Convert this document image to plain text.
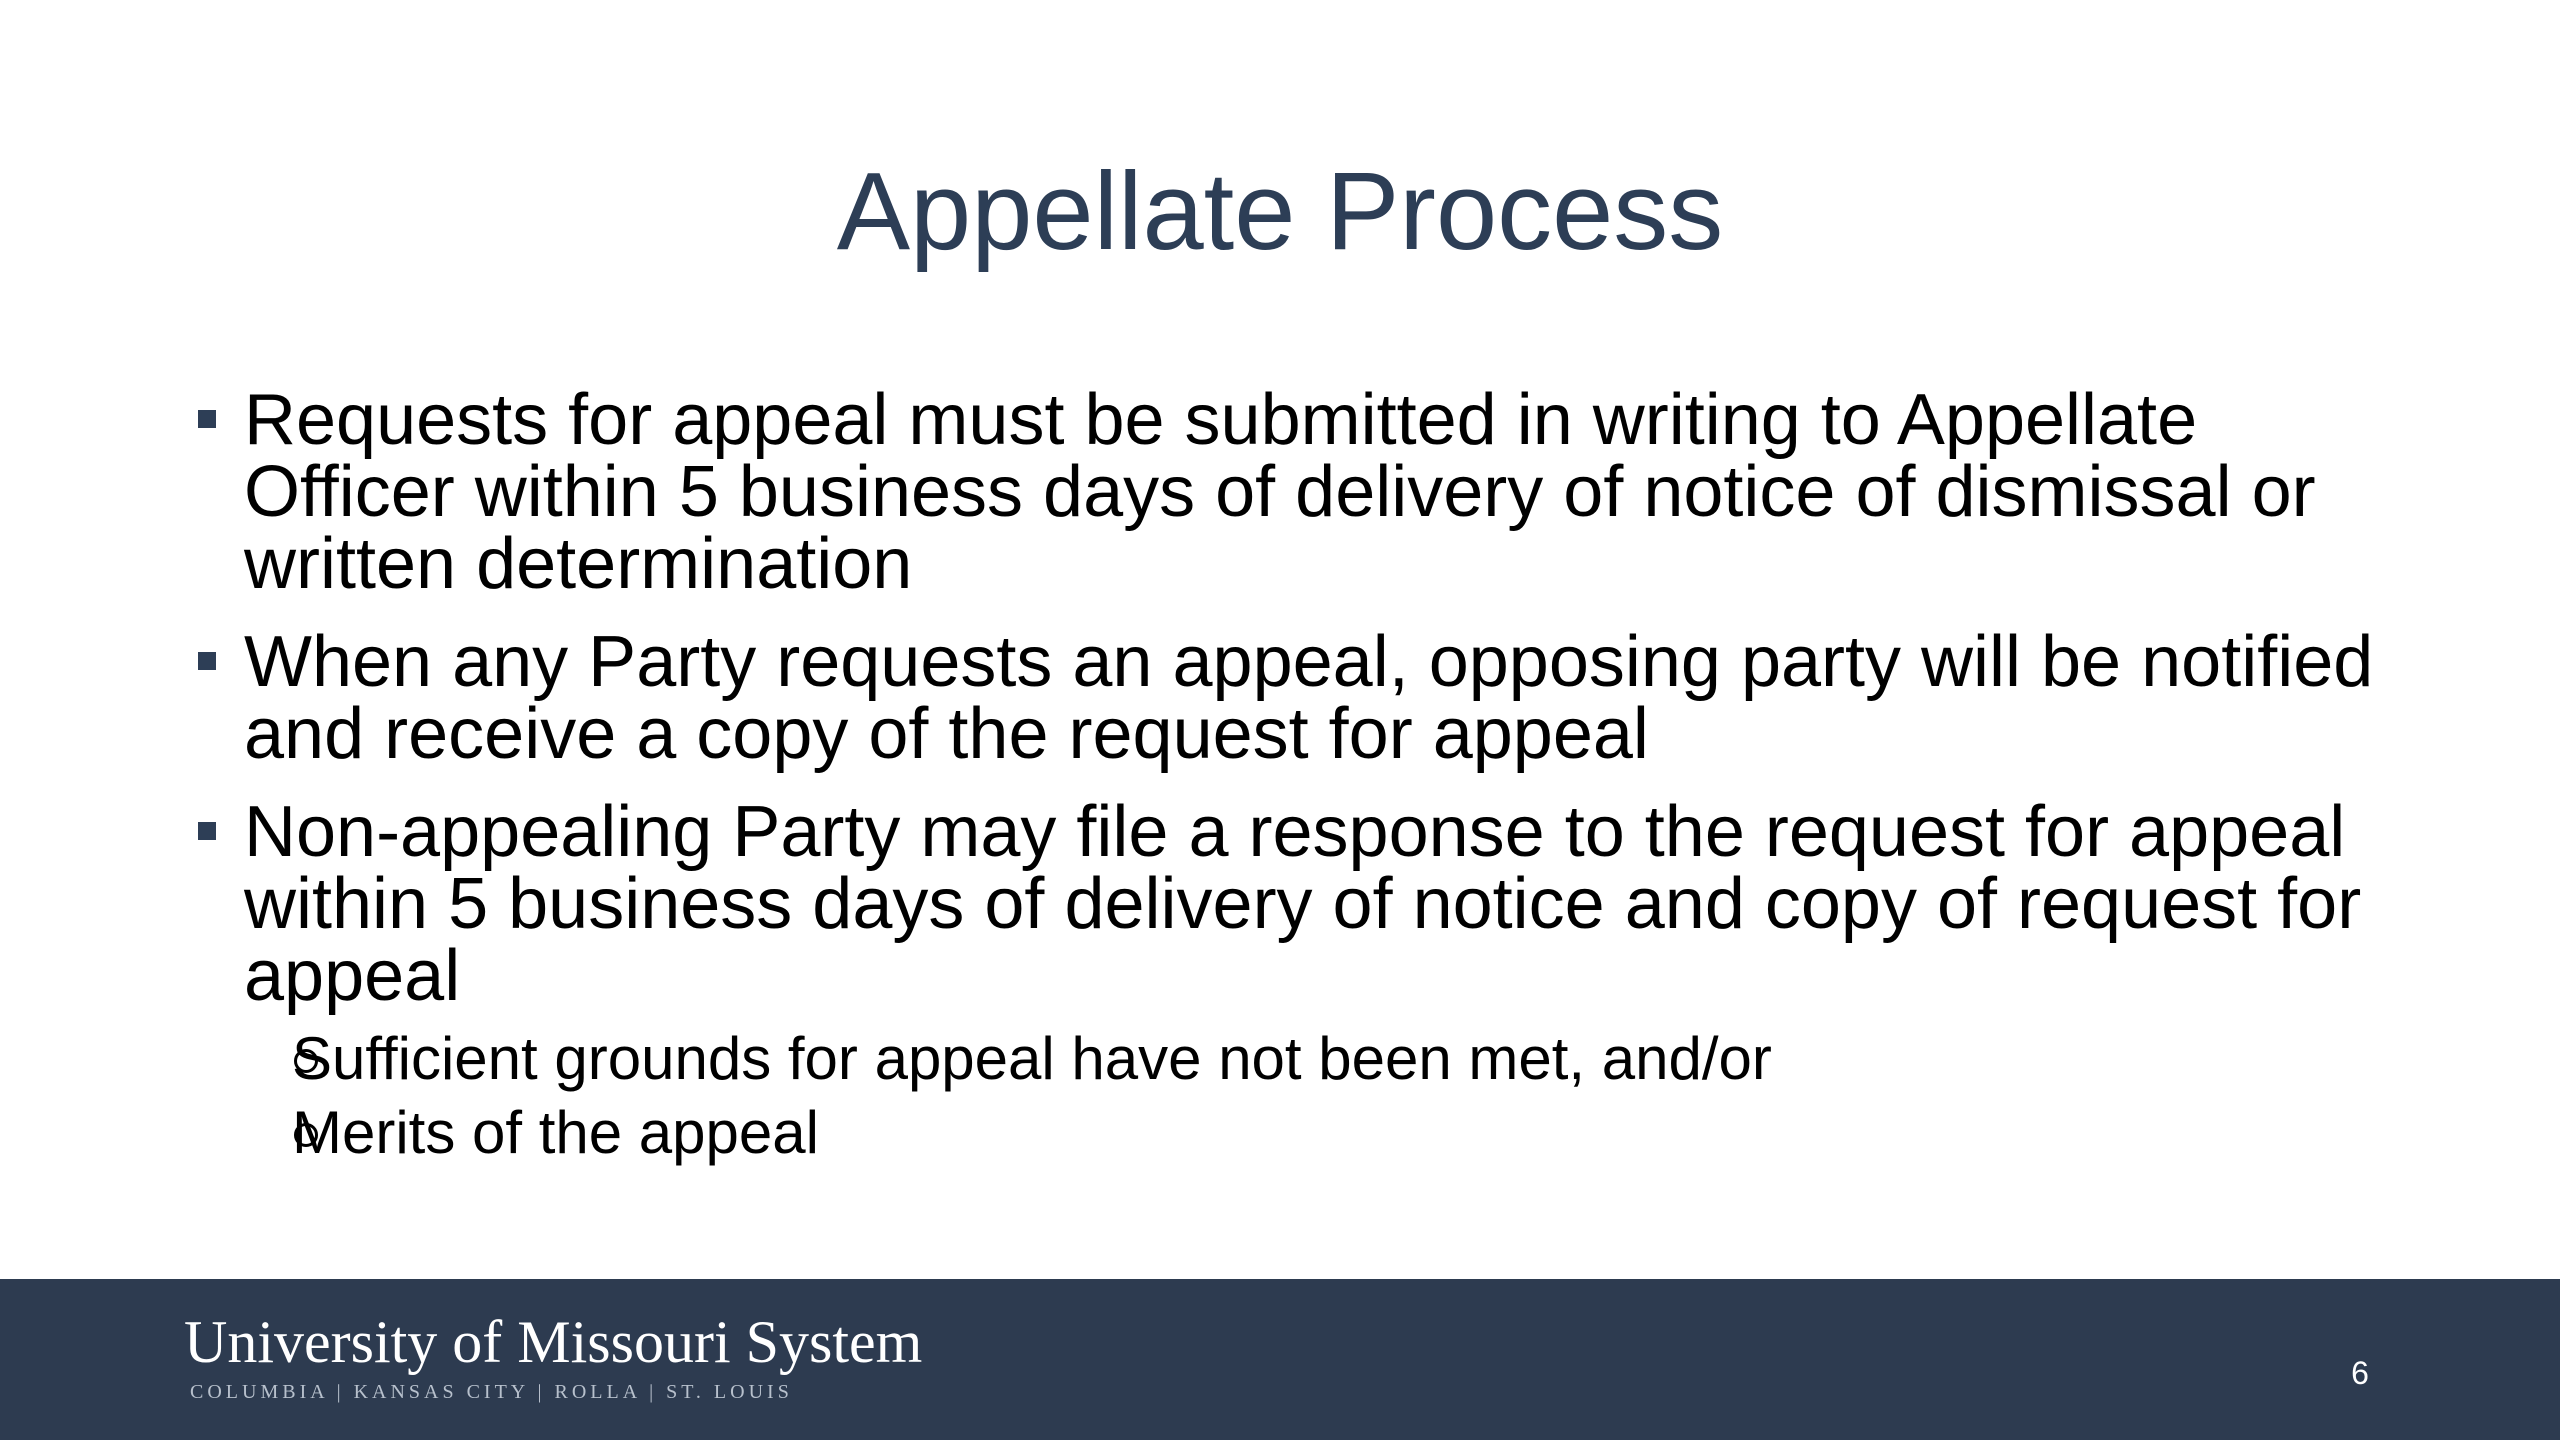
Appellate Process
Requests for appeal must be submitted in writing to Appellate Officer within 5 business days of delivery of notice of dismissal or written determination
When any Party requests an appeal, opposing party will be notified and receive a copy of the request for appeal
Non-appealing Party may file a response to the request for appeal within 5 business days of delivery of notice and copy of request for appeal
Sufficient grounds for appeal have not been met, and/or
Merits of the appeal
University of Missouri System
COLUMBIA | KANSAS CITY | ROLLA | ST. LOUIS
6
